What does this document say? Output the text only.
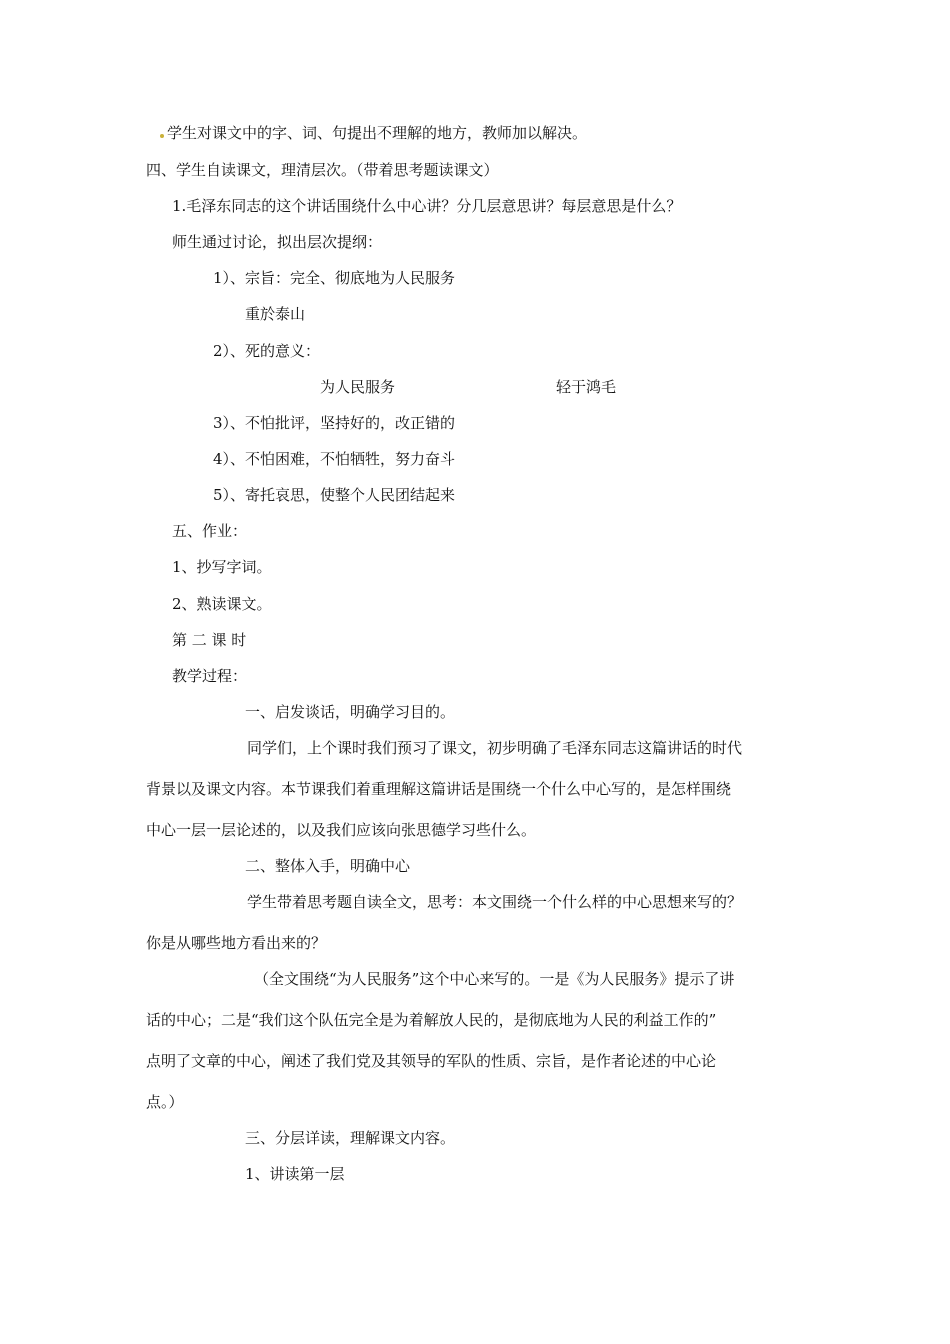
学生对课文中的字、词、句提出不理解的地方，教师加以解决。
四、学生自读课文，理清层次。（带着思考题读课文）
1.毛泽东同志的这个讲话围绕什么中心讲？分几层意思讲？每层意思是什么？
师生通过讨论，拟出层次提纲：
1）、宗旨：完全、彻底地为人民服务
重於泰山
2）、死的意义：
为人民服务	轻于鸿毛
3）、不怕批评，坚持好的，改正错的
4）、不怕困难，不怕牺牲，努力奋斗
5）、寄托哀思，使整个人民团结起来
五、作业：
1、抄写字词。
2、熟读课文。
第 二 课 时
教学过程：
一、启发谈话，明确学习目的。
同学们，上个课时我们预习了课文，初步明确了毛泽东同志这篇讲话的时代
背景以及课文内容。本节课我们着重理解这篇讲话是围绕一个什么中心写的，是怎样围绕
中心一层一层论述的，以及我们应该向张思德学习些什么。
二、整体入手，明确中心
学生带着思考题自读全文，思考：本文围绕一个什么样的中心思想来写的？
你是从哪些地方看出来的？
（全文围绕“为人民服务”这个中心来写的。一是《为人民服务》提示了讲
话的中心；二是“我们这个队伍完全是为着解放人民的，是彻底地为人民的利益工作的”
点明了文章的中心，阐述了我们党及其领导的军队的性质、宗旨，是作者论述的中心论
点。）
三、分层详读，理解课文内容。
1、讲读第一层
